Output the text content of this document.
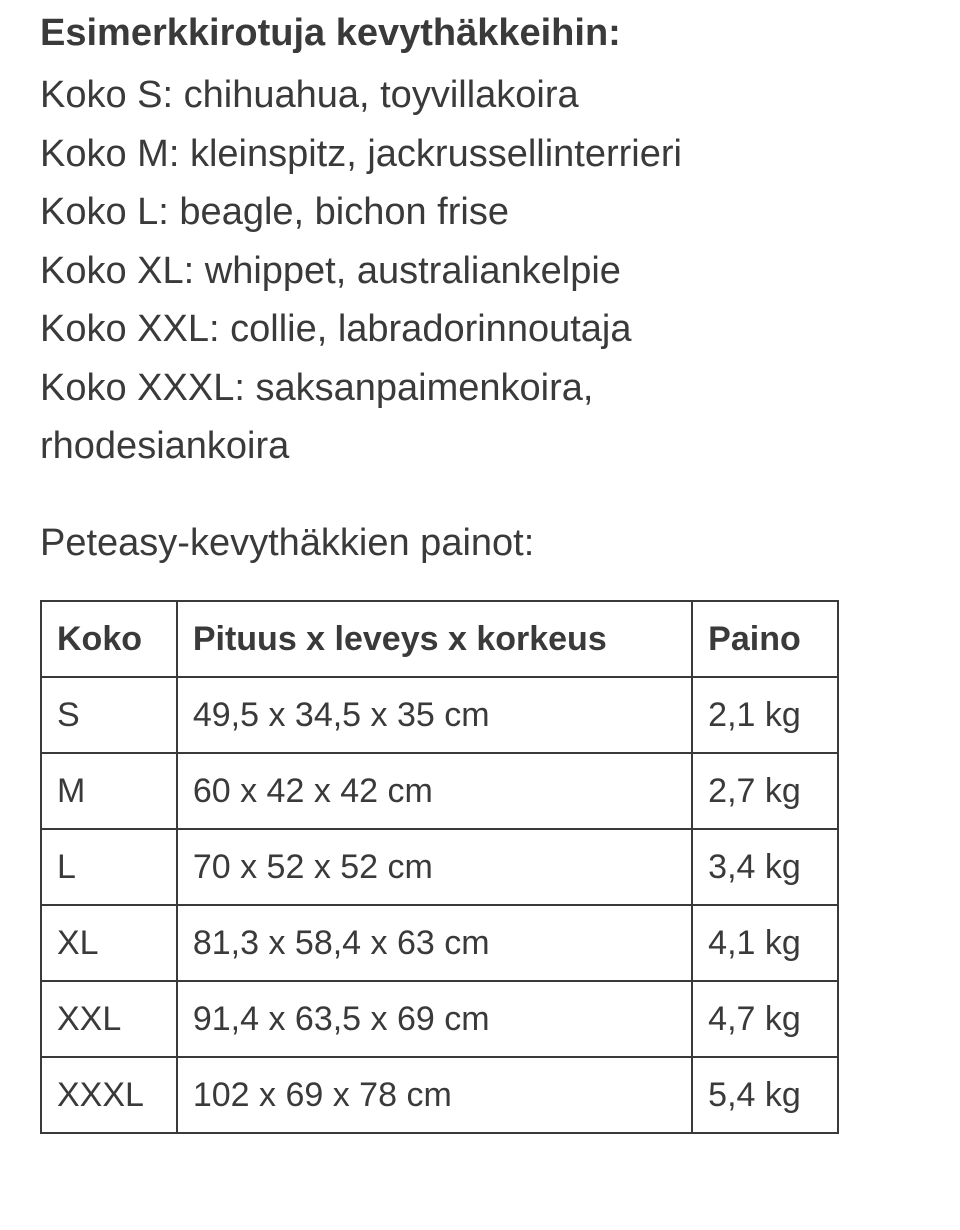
Esimerkkirotuja kevythäkkeihin:
Koko S: chihuahua, toyvillakoira
Koko M: kleinspitz, jackrussellinterrieri
Koko L: beagle, bichon frise
Koko XL: whippet, australiankelpie
Koko XXL: collie, labradorinnoutaja
Koko XXXL: saksanpaimenkoira,
rhodesiankoira
Peteasy-kevythäkkien painot:
Koko	Pituus x leveys x korkeus	Paino
S	49,5 x 34,5 x 35 cm	2,1 kg
M	60 x 42 x 42 cm	2,7 kg
L	70 x 52 x 52 cm	3,4 kg
XL	81,3 x 58,4 x 63 cm	4,1 kg
XXL	91,4 x 63,5 x 69 cm	4,7 kg
XXXL	102 x 69 x 78 cm	5,4 kg
